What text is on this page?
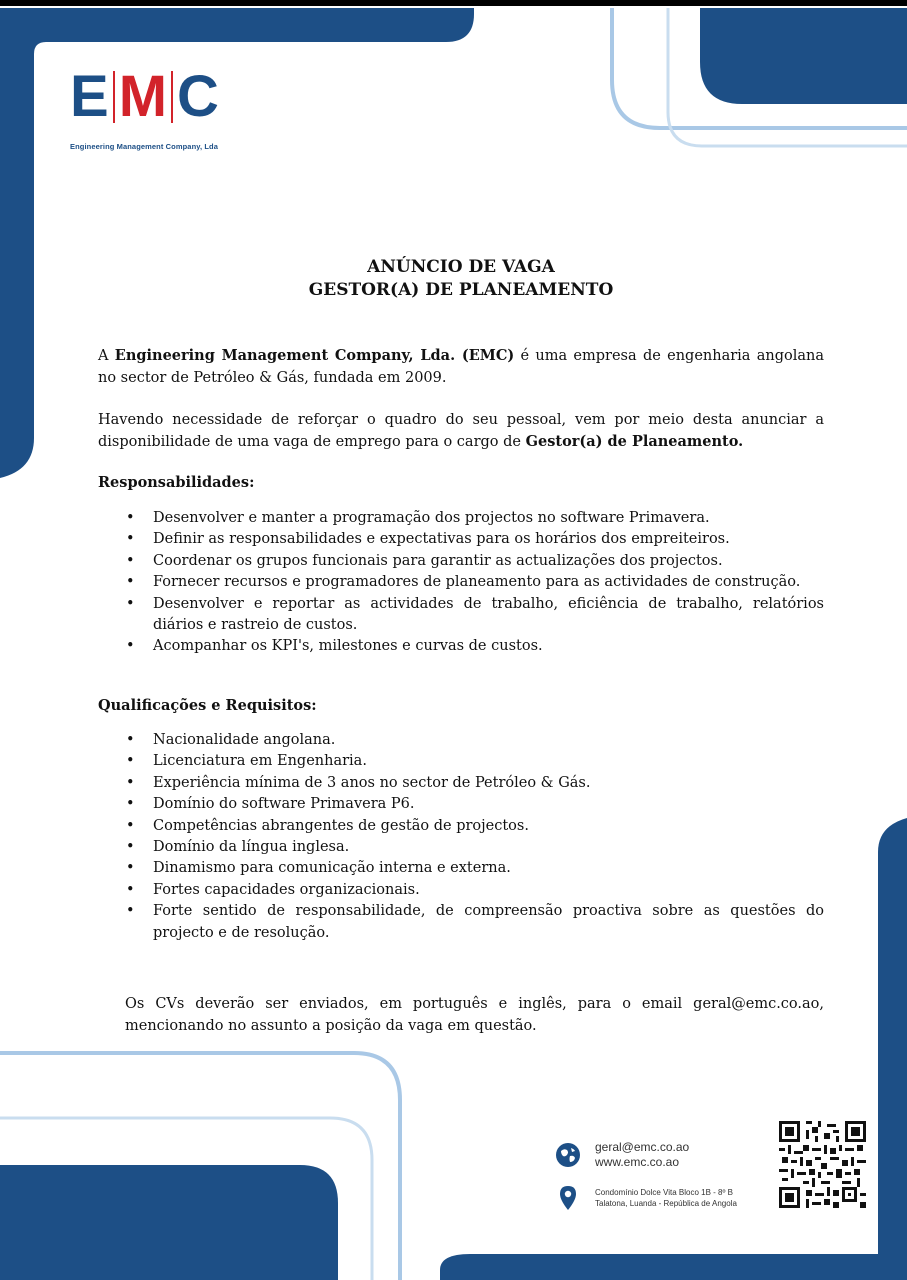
E M C
Engineering Management Company, Lda
ANÚNCIO DE VAGA
GESTOR(A) DE PLANEAMENTO
A Engineering Management Company, Lda. (EMC) é uma empresa de engenharia angolana no sector de Petróleo & Gás, fundada em 2009.
Havendo necessidade de reforçar o quadro do seu pessoal, vem por meio desta anunciar a disponibilidade de uma vaga de emprego para o cargo de Gestor(a) de Planeamento.
Responsabilidades:
• Desenvolver e manter a programação dos projectos no software Primavera.
• Definir as responsabilidades e expectativas para os horários dos empreiteiros.
• Coordenar os grupos funcionais para garantir as actualizações dos projectos.
• Fornecer recursos e programadores de planeamento para as actividades de construção.
• Desenvolver e reportar as actividades de trabalho, eficiência de trabalho, relatórios diários e rastreio de custos.
• Acompanhar os KPI's, milestones e curvas de custos.
Qualificações e Requisitos:
• Nacionalidade angolana.
• Licenciatura em Engenharia.
• Experiência mínima de 3 anos no sector de Petróleo & Gás.
• Domínio do software Primavera P6.
• Competências abrangentes de gestão de projectos.
• Domínio da língua inglesa.
• Dinamismo para comunicação interna e externa.
• Fortes capacidades organizacionais.
• Forte sentido de responsabilidade, de compreensão proactiva sobre as questões do projecto e de resolução.
Os CVs deverão ser enviados, em português e inglês, para o email geral@emc.co.ao, mencionando no assunto a posição da vaga em questão.
geral@emc.co.ao
www.emc.co.ao
Condomínio Dolce Vita Bloco 1B - 8º B
Talatona, Luanda - República de Angola
